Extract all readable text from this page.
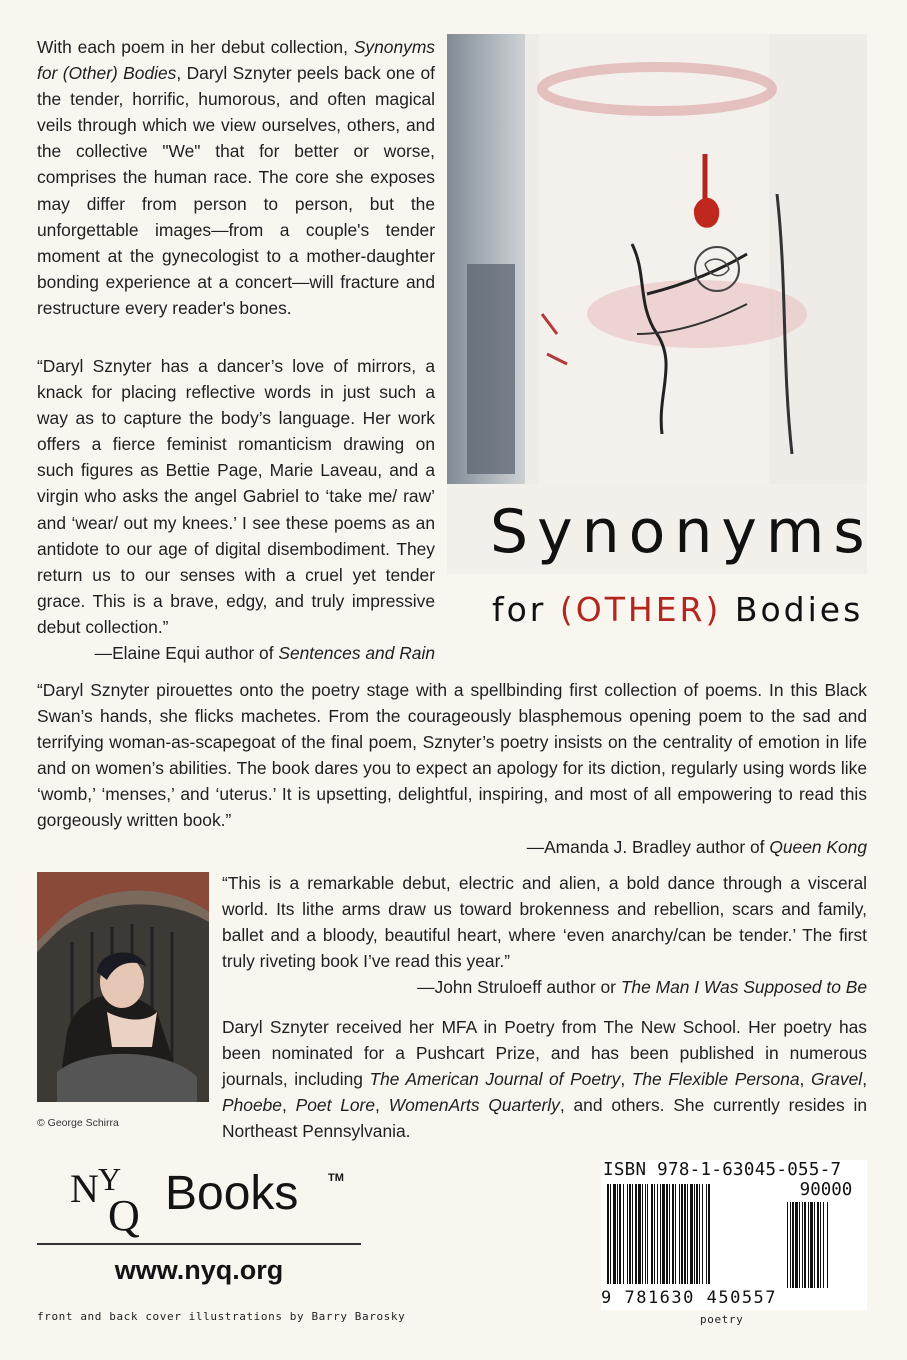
With each poem in her debut collection, Synonyms for (Other) Bodies, Daryl Sznyter peels back one of the tender, horrific, humorous, and often magical veils through which we view ourselves, others, and the collective "We" that for better or worse, comprises the human race. The core she exposes may differ from person to person, but the unforgettable images—from a couple's tender moment at the gynecologist to a mother-daughter bonding experience at a concert—will fracture and restructure every reader's bones.

“Daryl Sznyter has a dancer’s love of mirrors, a knack for placing reflective words in just such a way as to capture the body’s language. Her work offers a fierce feminist romanticism drawing on such figures as Bettie Page, Marie Laveau, and a virgin who asks the angel Gabriel to ‘take me/ raw’ and ‘wear/ out my knees.’ I see these poems as an antidote to our age of digital disembodiment. They return us to our senses with a cruel yet tender grace. This is a brave, edgy, and truly impressive debut collection.”

—Elaine Equi author of Sentences and Rain

Synonyms
for (OTHER) Bodies

“Daryl Sznyter pirouettes onto the poetry stage with a spellbinding first collection of poems. In this Black Swan’s hands, she flicks machetes. From the courageously blasphemous opening poem to the sad and terrifying woman-as-scapegoat of the final poem, Sznyter’s poetry insists on the centrality of emotion in life and on women’s abilities. The book dares you to expect an apology for its diction, regularly using words like ‘womb,’ ‘menses,’ and ‘uterus.’ It is upsetting, delightful, inspiring, and most of all empowering to read this gorgeously written book.”

—Amanda J. Bradley author of Queen Kong

© George Schirra

“This is a remarkable debut, electric and alien, a bold dance through a visceral world. Its lithe arms draw us toward brokenness and rebellion, scars and family, ballet and a bloody, beautiful heart, where ‘even anarchy/can be tender.’ The first truly riveting book I’ve read this year.”

—John Struloeff author or The Man I Was Supposed to Be

Daryl Sznyter received her MFA in Poetry from The New School. Her poetry has been nominated for a Pushcart Prize, and has been published in numerous journals, including The American Journal of Poetry, The Flexible Persona, Gravel, Phoebe, Poet Lore, WomenArts Quarterly, and others. She currently resides in Northeast Pennsylvania.

N Y
Q Books	TM
www.nyq.org
front and back cover illustrations by Barry Barosky
ISBN 978-1-63045-055-7
90000
9 781630 450557
poetry
